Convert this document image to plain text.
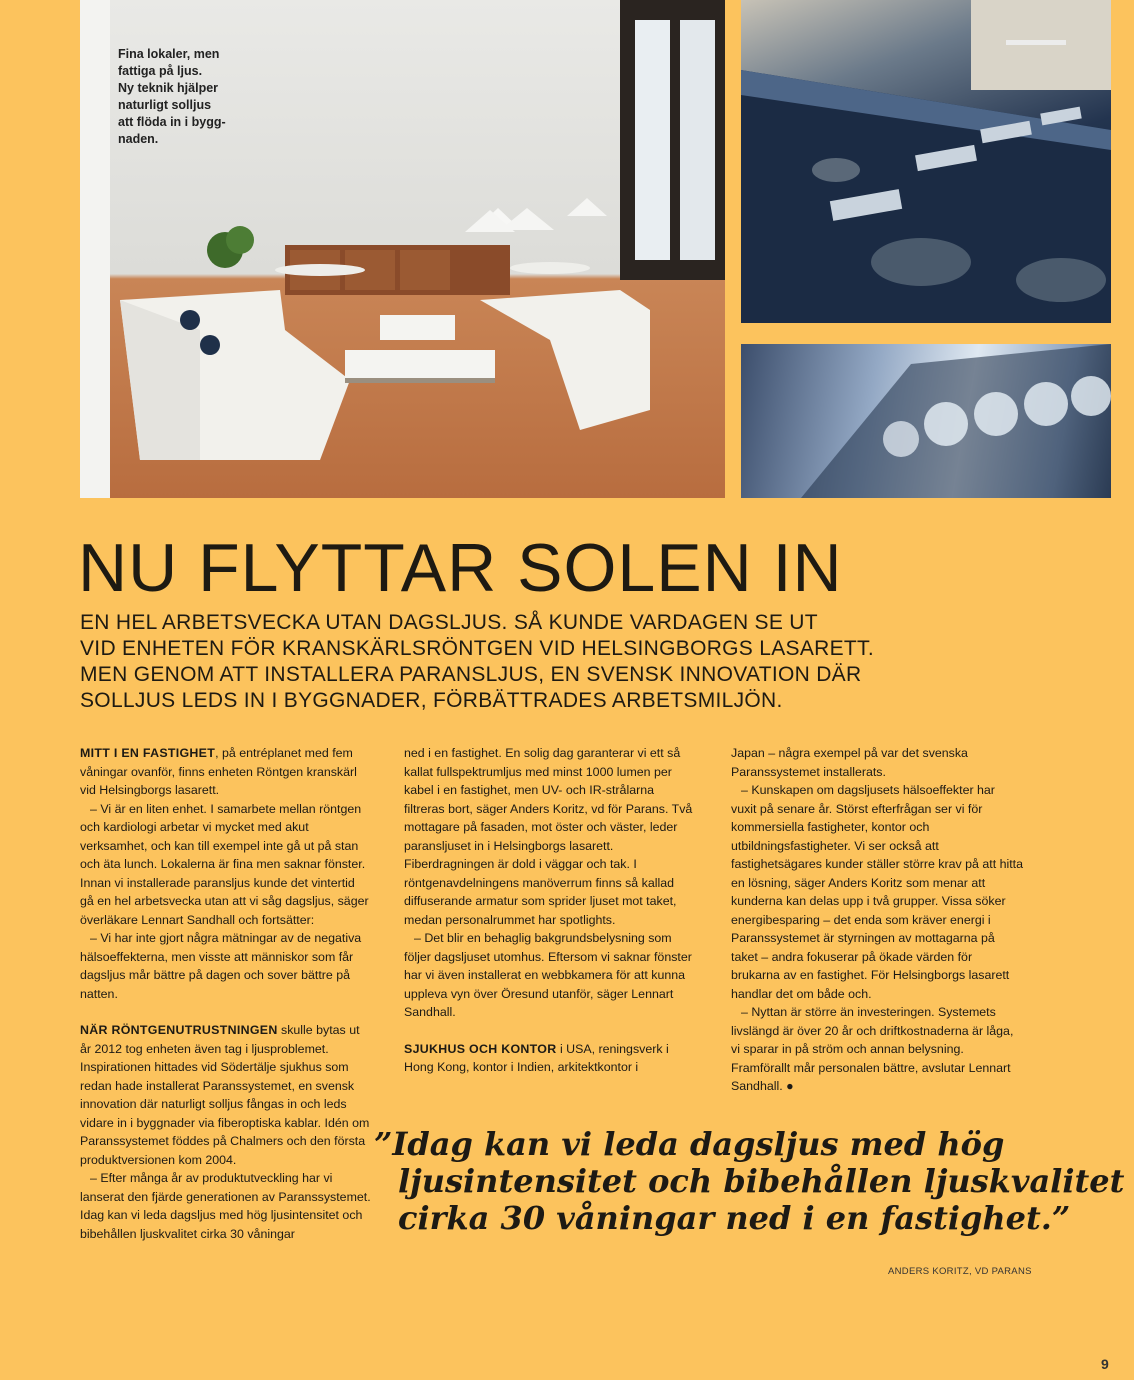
Fina lokaler, men
fattiga på ljus.
Ny teknik hjälper
naturligt solljus
att flöda in i bygg-
naden.
NU FLYTTAR SOLEN IN
EN HEL ARBETSVECKA UTAN DAGSLJUS. SÅ KUNDE VARDAGEN SE UT
VID ENHETEN FÖR KRANSKÄRLSRÖNTGEN VID HELSINGBORGS LASARETT.
MEN GENOM ATT INSTALLERA PARANSLJUS, EN SVENSK INNOVATION DÄR
SOLLJUS LEDS IN I BYGGNADER, FÖRBÄTTRADES ARBETSMILJÖN.

MITT I EN FASTIGHET, på entréplanet med fem våningar ovanför, finns enheten Röntgen kranskärl vid Helsingborgs lasarett.

– Vi är en liten enhet. I samarbete mellan röntgen och kardiologi arbetar vi mycket med akut verksamhet, och kan till exempel inte gå ut på stan och äta lunch. Lokalerna är fina men saknar fönster. Innan vi installerade paransljus kunde det vintertid gå en hel arbetsvecka utan att vi såg dagsljus, säger överläkare Lennart Sandhall och fortsätter:

– Vi har inte gjort några mätningar av de negativa hälsoeffekterna, men visste att människor som får dagsljus mår bättre på dagen och sover bättre på natten.

NÄR RÖNTGENUTRUSTNINGEN skulle bytas ut år 2012 tog enheten även tag i ljusproblemet. Inspirationen hittades vid Södertälje sjukhus som redan hade installerat Paranssystemet, en svensk innovation där naturligt solljus fångas in och leds vidare in i byggnader via fiberoptiska kablar. Idén om Paranssystemet föddes på Chalmers och den första produktversionen kom 2004.

– Efter många år av produktutveckling har vi lanserat den fjärde generationen av Paranssystemet. Idag kan vi leda dagsljus med hög ljusintensitet och bibehållen ljuskvalitet cirka 30 våningar

ned i en fastighet. En solig dag garanterar vi ett så kallat fullspektrumljus med minst 1000 lumen per kabel i en fastighet, men UV- och IR-strålarna filtreras bort, säger Anders Koritz, vd för Parans. Två mottagare på fasaden, mot öster och väster, leder paransljuset in i Helsingborgs lasarett. Fiberdragningen är dold i väggar och tak. I röntgenavdelningens manöverrum finns så kallad diffuserande armatur som sprider ljuset mot taket, medan personalrummet har spotlights.

– Det blir en behaglig bakgrundsbelysning som följer dagsljuset utomhus. Eftersom vi saknar fönster har vi även installerat en webbkamera för att kunna uppleva vyn över Öresund utanför, säger Lennart Sandhall.

SJUKHUS OCH KONTOR i USA, reningsverk i Hong Kong, kontor i Indien, arkitektkontor i

Japan – några exempel på var det svenska Paranssystemet installerats.

– Kunskapen om dagsljusets hälsoeffekter har vuxit på senare år. Störst efterfrågan ser vi för kommersiella fastigheter, kontor och utbildningsfastigheter. Vi ser också att fastighetsägares kunder ställer större krav på att hitta en lösning, säger Anders Koritz som menar att kunderna kan delas upp i två grupper. Vissa söker energibesparing – det enda som kräver energi i Paranssystemet är styrningen av mottagarna på taket – andra fokuserar på ökade värden för brukarna av en fastighet. För Helsingborgs lasarett handlar det om både och.

– Nyttan är större än investeringen. Systemets livslängd är över 20 år och driftkostnaderna är låga, vi sparar in på ström och annan belysning. Framförallt mår personalen bättre, avslutar Lennart Sandhall. ●

”Idag kan vi leda dagsljus med hög
ljusintensitet och bibehållen ljuskvalitet
cirka 30 våningar ned i en fastighet.”
ANDERS KORITZ, VD PARANS
9
